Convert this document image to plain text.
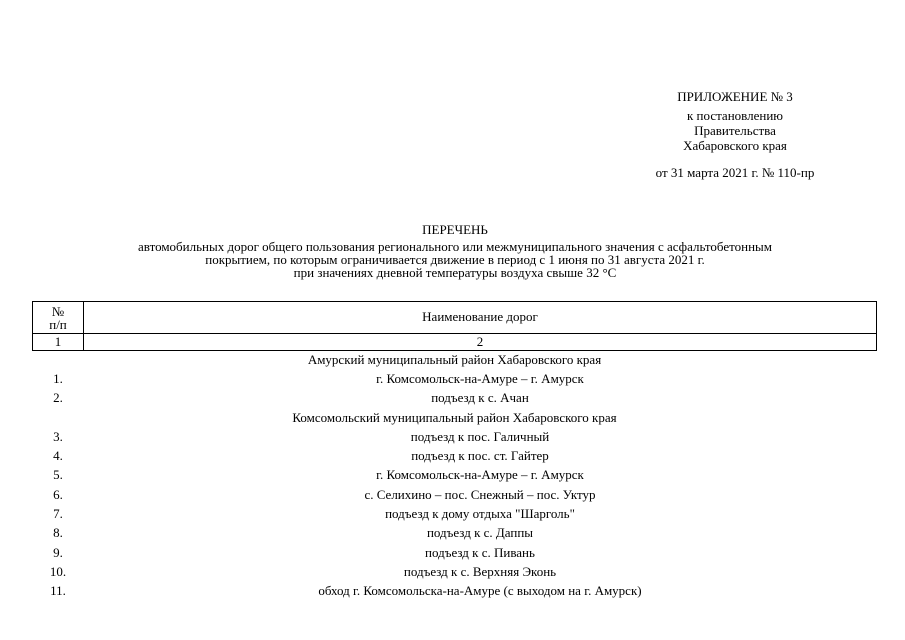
ПРИЛОЖЕНИЕ № 3
к постановлению
Правительства
Хабаровского края
от 31 марта 2021 г. № 110-пр
ПЕРЕЧЕНЬ
автомобильных дорог общего пользования регионального или межмуниципального значения с асфальтобетонным
покрытием, по которым ограничивается движение в период с 1 июня по 31 августа 2021 г.
при значениях дневной температуры воздуха свыше 32 °C
№
п/п	Наименование дорог
1	2
Амурский муниципальный район Хабаровского края	
1.	г. Комсомольск-на-Амуре – г. Амурск
2.	подъезд к с. Ачан
Комсомольский муниципальный район Хабаровского края	
3.	подъезд к пос. Галичный
4.	подъезд к пос. ст. Гайтер
5.	г. Комсомольск-на-Амуре – г. Амурск
6.	с. Селихино – пос. Снежный – пос. Уктур
7.	подъезд к дому отдыха "Шарголь"
8.	подъезд к с. Даппы
9.	подъезд к с. Пивань
10.	подъезд к с. Верхняя Эконь
11.	обход г. Комсомольска-на-Амуре (с выходом на г. Амурск)
